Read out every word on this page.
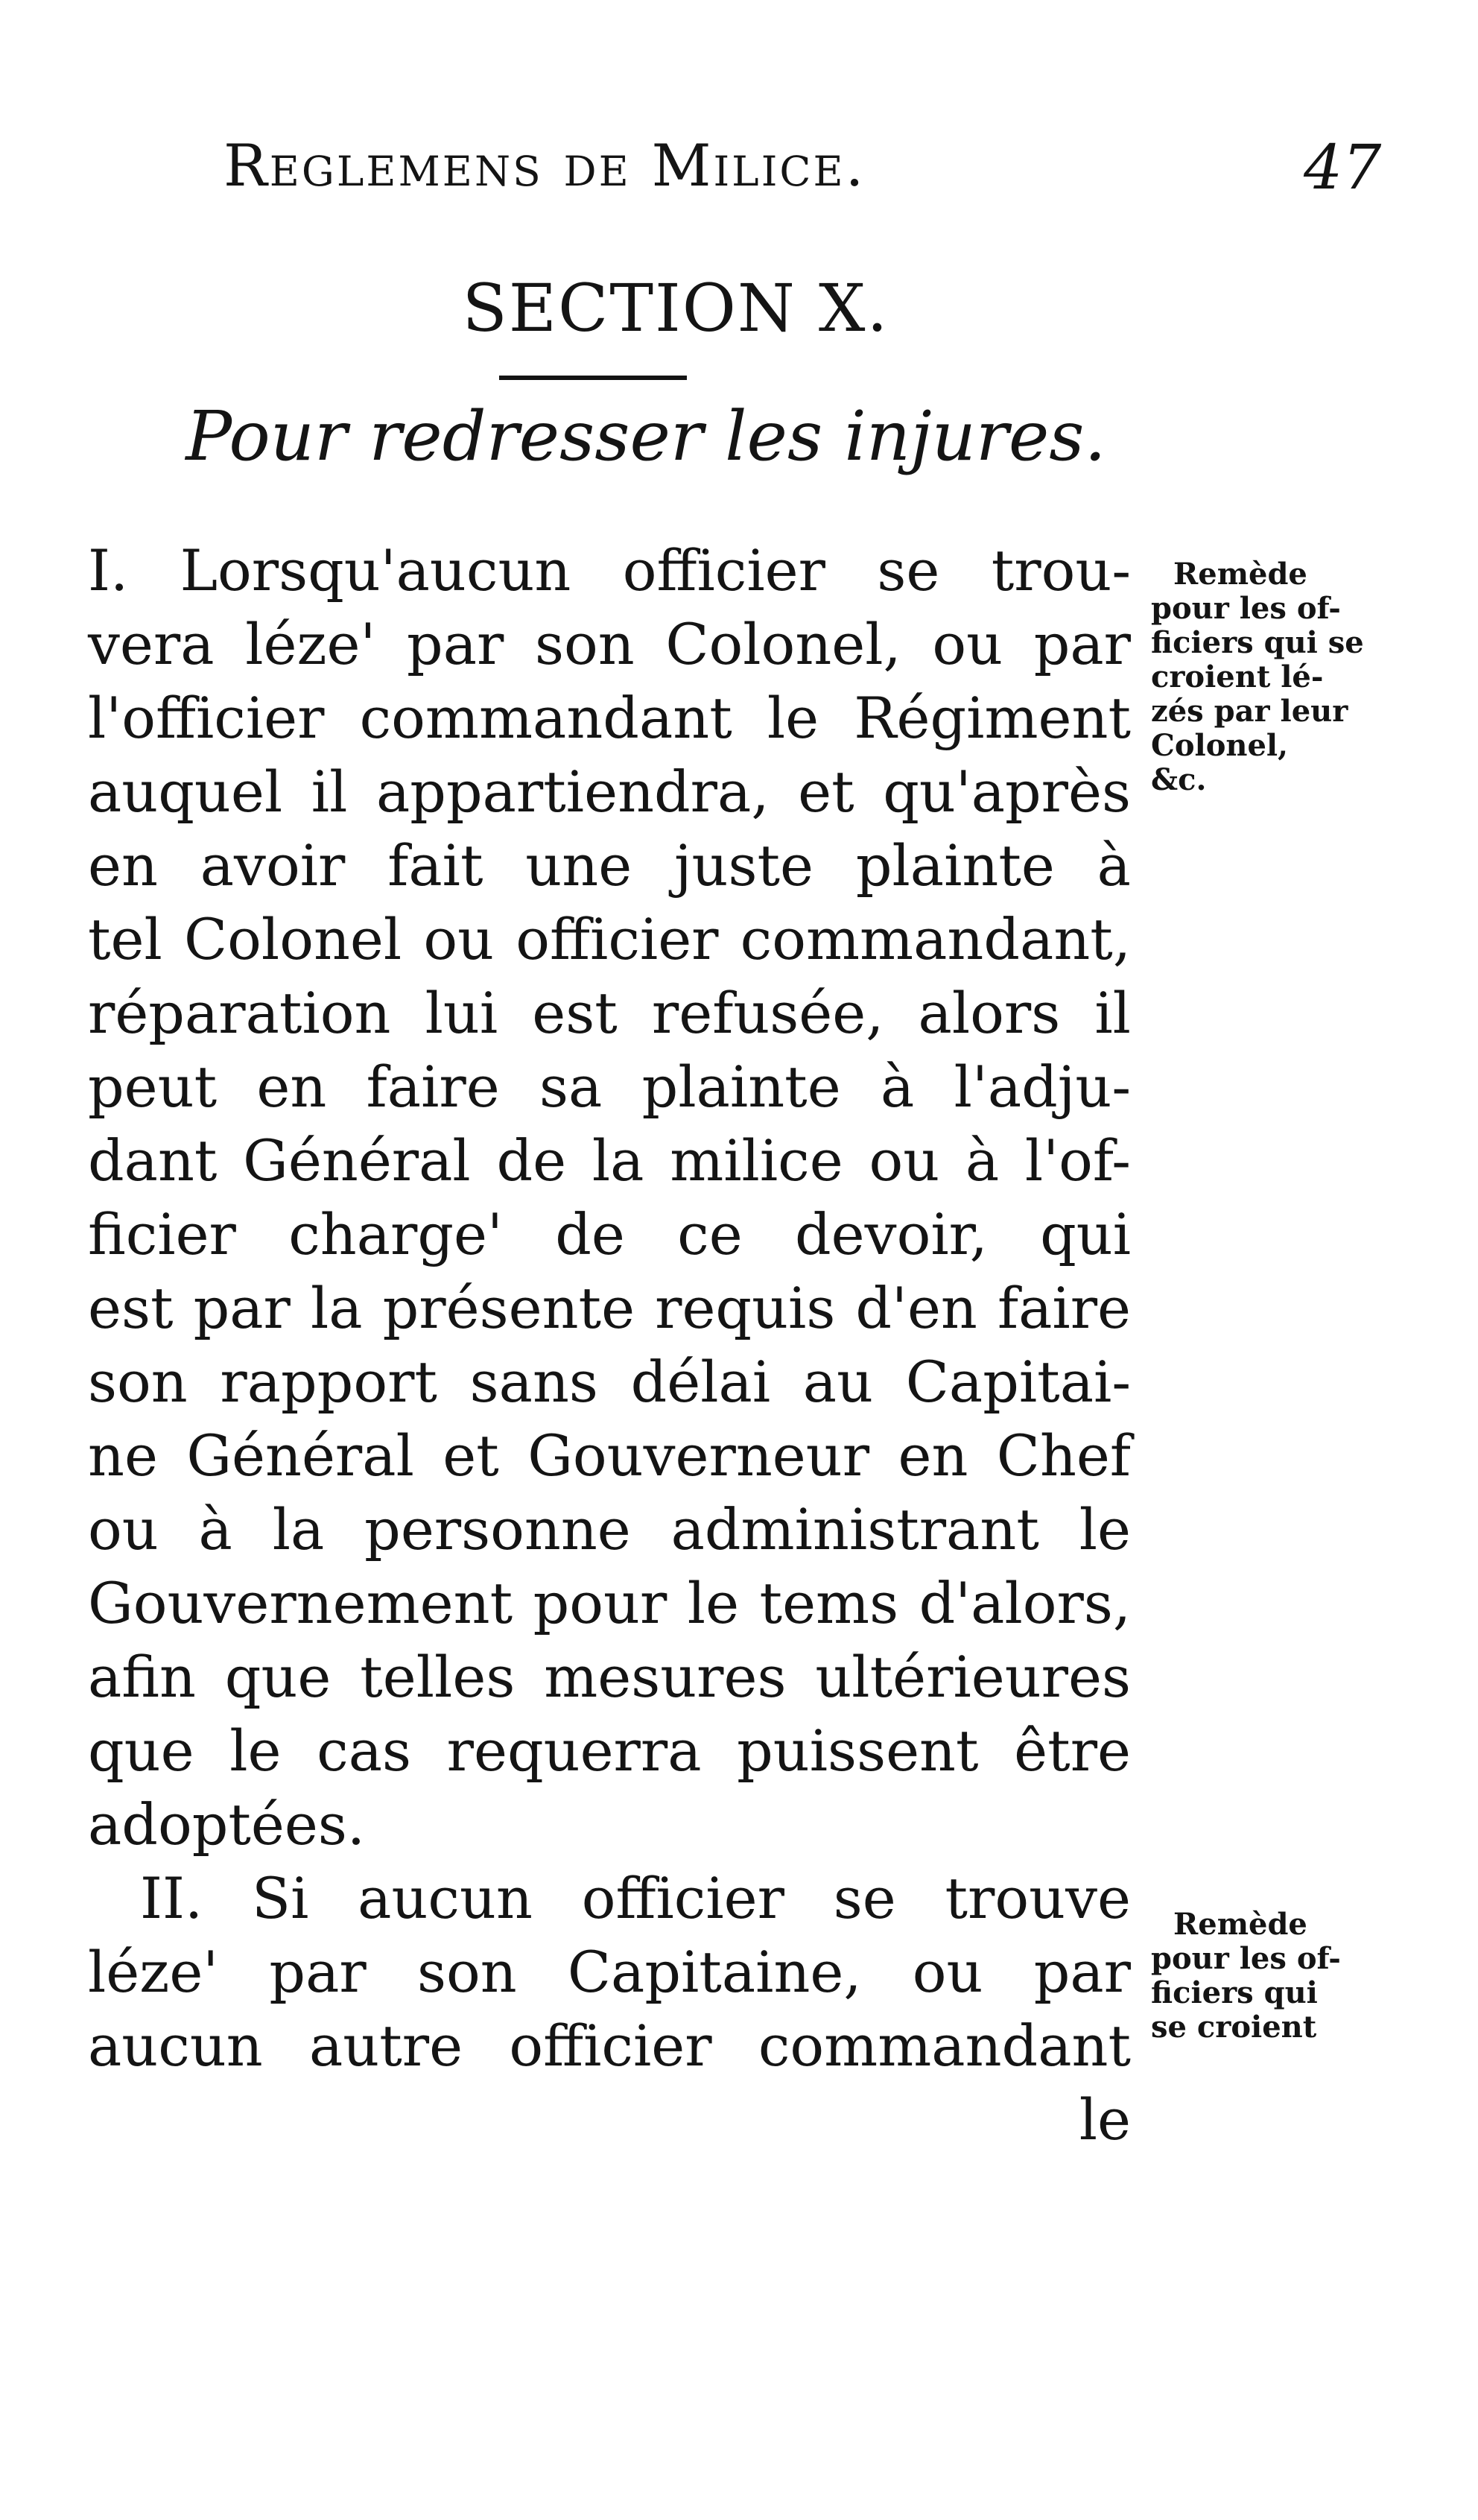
Reglemens de Milice.	47
SECTION X.
Pour redresser les injures.
I. Lorsqu'aucun officier se trou-
vera léze' par son Colonel, ou par
l'officier commandant le Régiment
auquel il appartiendra, et qu'après
en avoir fait une juste plainte à
tel Colonel ou officier commandant,
réparation lui est refusée, alors il
peut en faire sa plainte à l'adju-
dant Général de la milice ou à l'of-
ficier charge' de ce devoir, qui
est par la présente requis d'en faire
son rapport sans délai au Capitai-
ne Général et Gouverneur en Chef
ou à la personne administrant le
Gouvernement pour le tems d'alors,
afin que telles mesures ultérieures
que le cas requerra puissent être
adoptées.
II. Si aucun officier se trouve
léze' par son Capitaine, ou par
aucun autre officier commandant
le
Remède
pour les of-
ficiers qui se
croient lé-
zés par leur
Colonel,
&c.
Remède
pour les of-
ficiers qui
se croient
